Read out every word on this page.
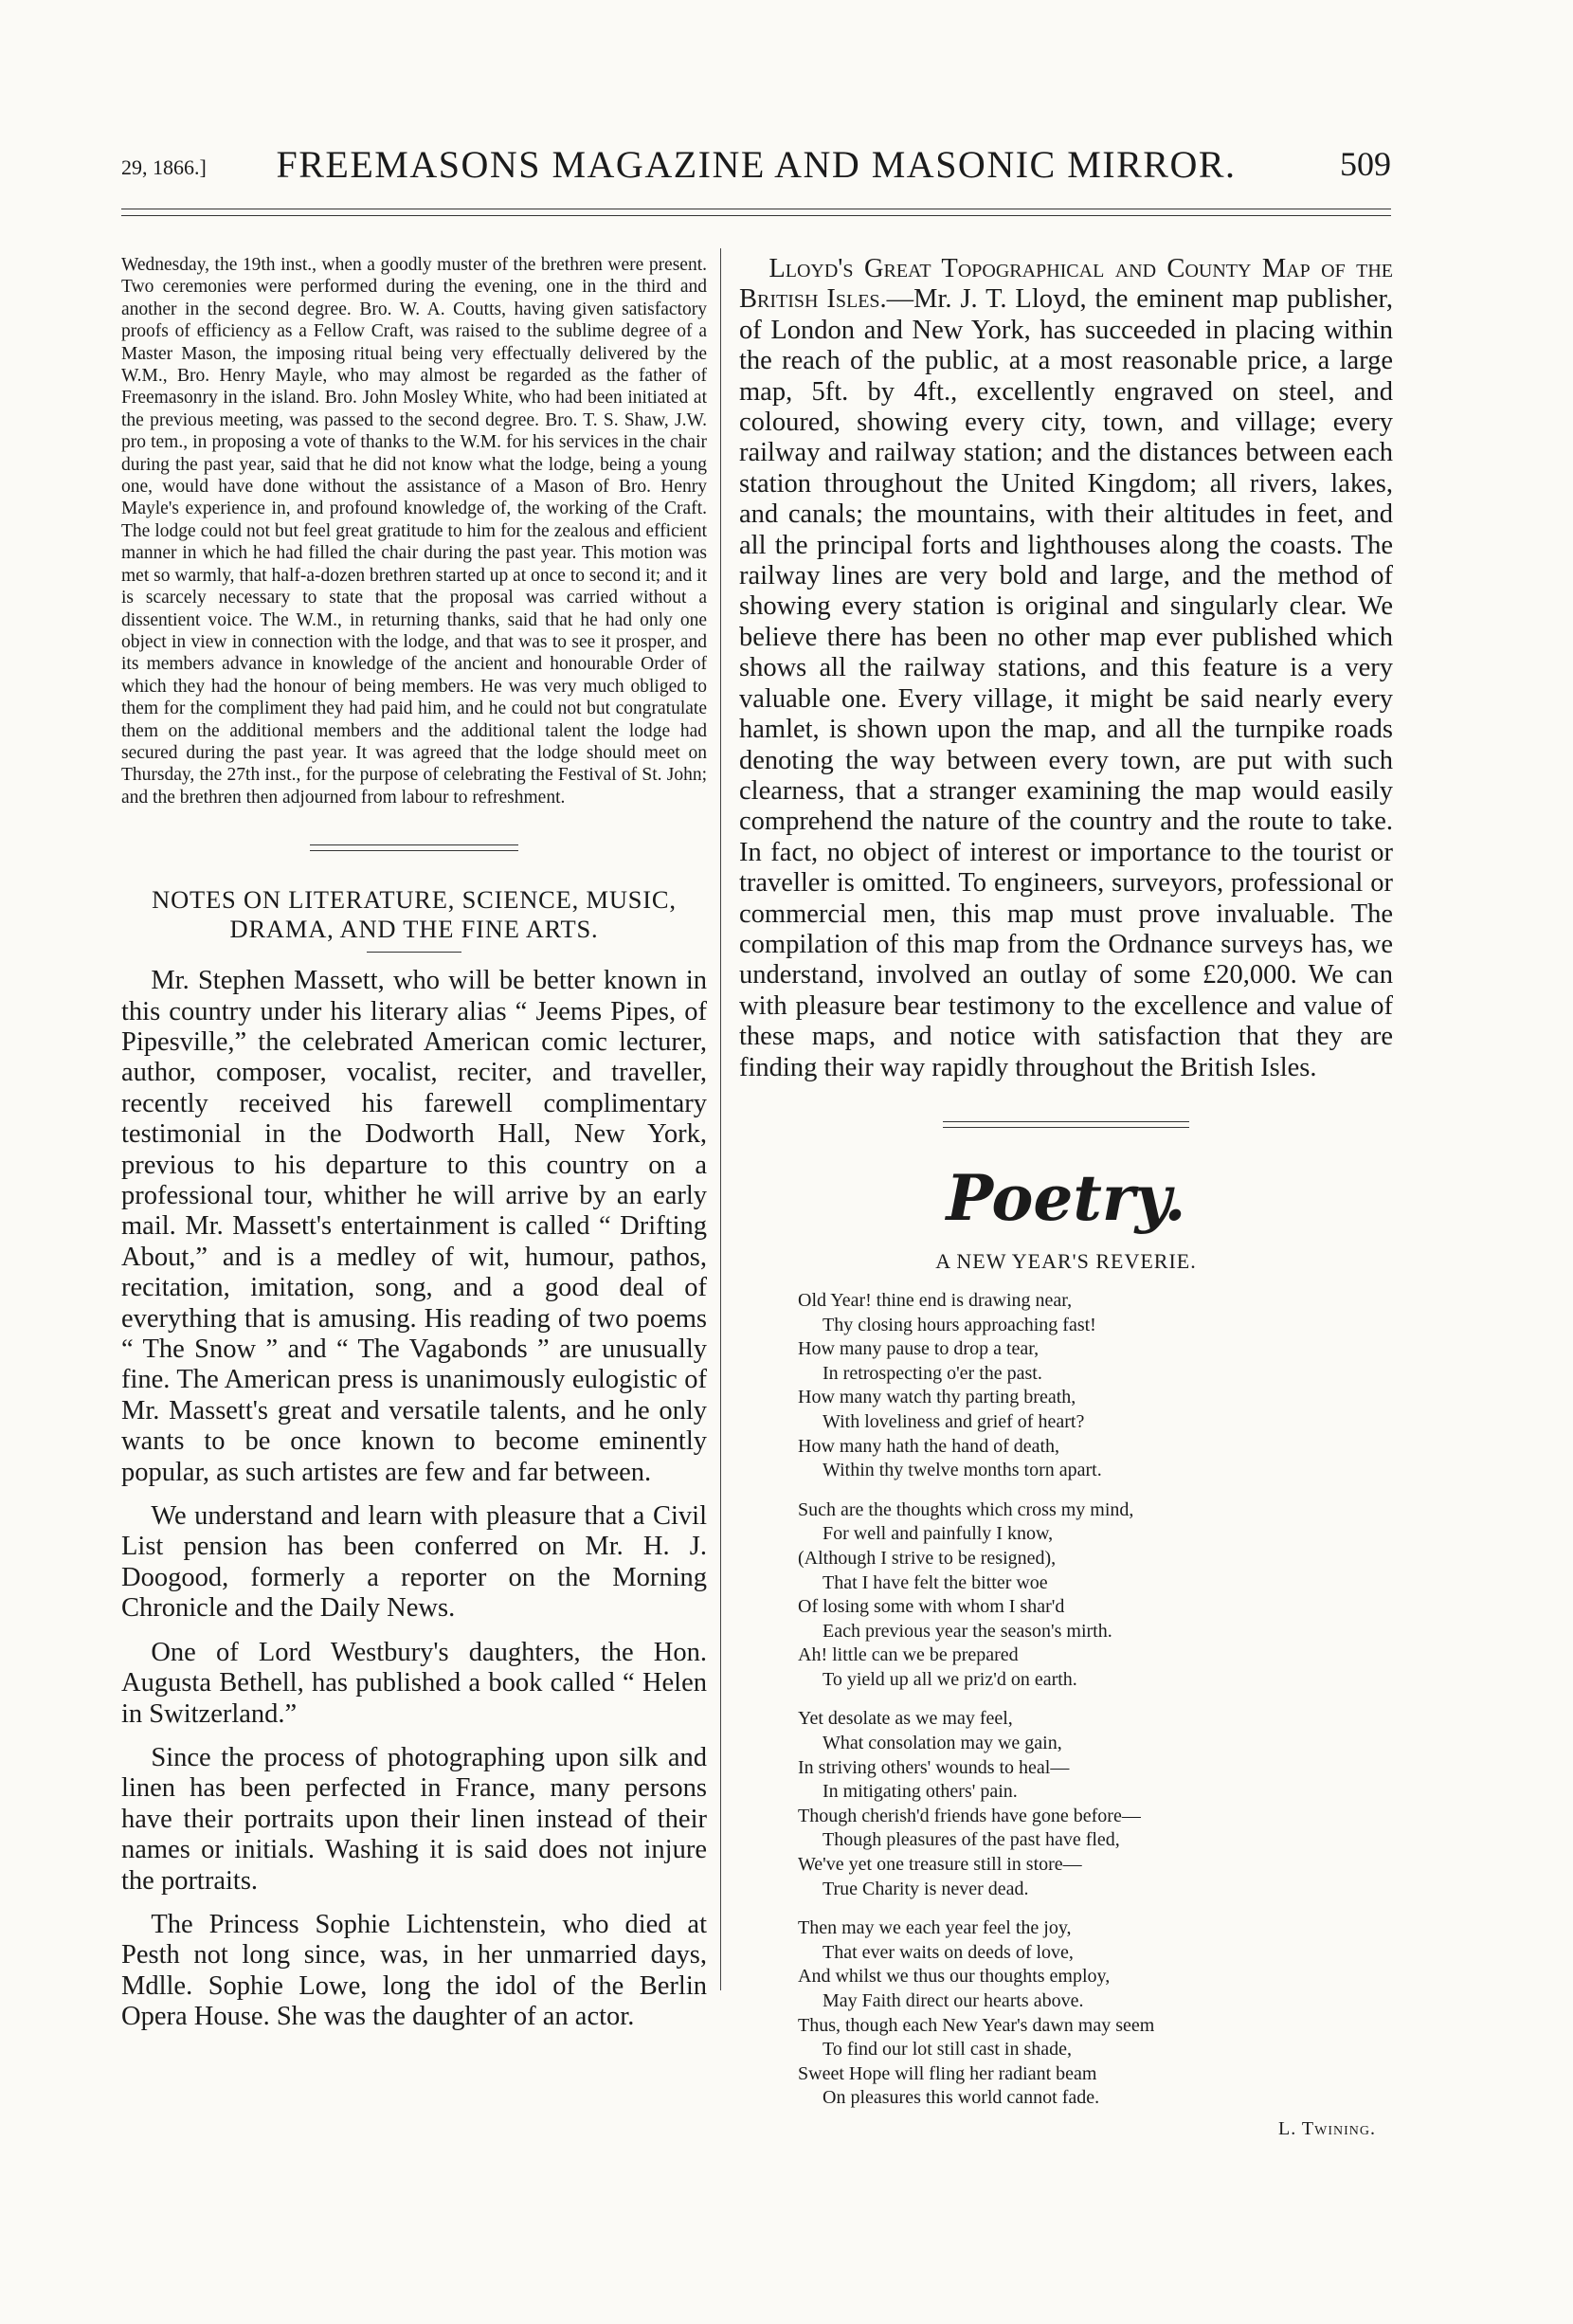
29, 1866.]	FREEMASONS MAGAZINE AND MASONIC MIRROR.	509

Wednesday, the 19th inst., when a goodly muster of the brethren were present. Two ceremonies were performed during the evening, one in the third and another in the second degree. Bro. W. A. Coutts, having given satisfactory proofs of efficiency as a Fellow Craft, was raised to the sublime degree of a Master Mason, the imposing ritual being very effectually delivered by the W.M., Bro. Henry Mayle, who may almost be regarded as the father of Freemasonry in the island. Bro. John Mosley White, who had been initiated at the previous meeting, was passed to the second degree. Bro. T. S. Shaw, J.W. pro tem., in proposing a vote of thanks to the W.M. for his services in the chair during the past year, said that he did not know what the lodge, being a young one, would have done without the assistance of a Mason of Bro. Henry Mayle's experience in, and profound knowledge of, the working of the Craft. The lodge could not but feel great gratitude to him for the zealous and efficient manner in which he had filled the chair during the past year. This motion was met so warmly, that half-a-dozen brethren started up at once to second it; and it is scarcely necessary to state that the proposal was carried without a dissentient voice. The W.M., in returning thanks, said that he had only one object in view in connection with the lodge, and that was to see it prosper, and its members advance in knowledge of the ancient and honourable Order of which they had the honour of being members. He was very much obliged to them for the compliment they had paid him, and he could not but congratulate them on the additional members and the additional talent the lodge had secured during the past year. It was agreed that the lodge should meet on Thursday, the 27th inst., for the purpose of celebrating the Festival of St. John; and the brethren then adjourned from labour to refreshment.

NOTES ON LITERATURE, SCIENCE, MUSIC,
DRAMA, AND THE FINE ARTS.

Mr. Stephen Massett, who will be better known in this country under his literary alias “ Jeems Pipes, of Pipesville,” the celebrated American comic lecturer, author, composer, vocalist, reciter, and traveller, recently received his farewell complimentary testimonial in the Dodworth Hall, New York, previous to his departure to this country on a professional tour, whither he will arrive by an early mail. Mr. Massett's entertainment is called “ Drifting About,” and is a medley of wit, humour, pathos, recitation, imitation, song, and a good deal of everything that is amusing. His reading of two poems “ The Snow ” and “ The Vagabonds ” are unusually fine. The American press is unanimously eulogistic of Mr. Massett's great and versatile talents, and he only wants to be once known to become eminently popular, as such artistes are few and far between.

We understand and learn with pleasure that a Civil List pension has been conferred on Mr. H. J. Doogood, formerly a reporter on the Morning Chronicle and the Daily News.

One of Lord Westbury's daughters, the Hon. Augusta Bethell, has published a book called “ Helen in Switzerland.”

Since the process of photographing upon silk and linen has been perfected in France, many persons have their portraits upon their linen instead of their names or initials. Washing it is said does not injure the portraits.

The Princess Sophie Lichtenstein, who died at Pesth not long since, was, in her unmarried days, Mdlle. Sophie Lowe, long the idol of the Berlin Opera House. She was the daughter of an actor.

Lloyd's Great Topographical and County Map of the British Isles.—Mr. J. T. Lloyd, the eminent map publisher, of London and New York, has succeeded in placing within the reach of the public, at a most reasonable price, a large map, 5ft. by 4ft., excellently engraved on steel, and coloured, showing every city, town, and village; every railway and railway station; and the distances between each station throughout the United Kingdom; all rivers, lakes, and canals; the mountains, with their altitudes in feet, and all the principal forts and lighthouses along the coasts. The railway lines are very bold and large, and the method of showing every station is original and singularly clear. We believe there has been no other map ever published which shows all the railway stations, and this feature is a very valuable one. Every village, it might be said nearly every hamlet, is shown upon the map, and all the turnpike roads denoting the way between every town, are put with such clearness, that a stranger examining the map would easily comprehend the nature of the country and the route to take. In fact, no object of interest or importance to the tourist or traveller is omitted. To engineers, surveyors, professional or commercial men, this map must prove invaluable. The compilation of this map from the Ordnance surveys has, we understand, involved an outlay of some £20,000. We can with pleasure bear testimony to the excellence and value of these maps, and notice with satisfaction that they are finding their way rapidly throughout the British Isles.

Poetry.
A NEW YEAR'S REVERIE.
Old Year! thine end is drawing near,
Thy closing hours approaching fast!
How many pause to drop a tear,
In retrospecting o'er the past.
How many watch thy parting breath,
With loveliness and grief of heart?
How many hath the hand of death,
Within thy twelve months torn apart.
Such are the thoughts which cross my mind,
For well and painfully I know,
(Although I strive to be resigned),
That I have felt the bitter woe
Of losing some with whom I shar'd
Each previous year the season's mirth.
Ah! little can we be prepared
To yield up all we priz'd on earth.
Yet desolate as we may feel,
What consolation may we gain,
In striving others' wounds to heal—
In mitigating others' pain.
Though cherish'd friends have gone before—
Though pleasures of the past have fled,
We've yet one treasure still in store—
True Charity is never dead.
Then may we each year feel the joy,
That ever waits on deeds of love,
And whilst we thus our thoughts employ,
May Faith direct our hearts above.
Thus, though each New Year's dawn may seem
To find our lot still cast in shade,
Sweet Hope will fling her radiant beam
On pleasures this world cannot fade.
L. Twining.
